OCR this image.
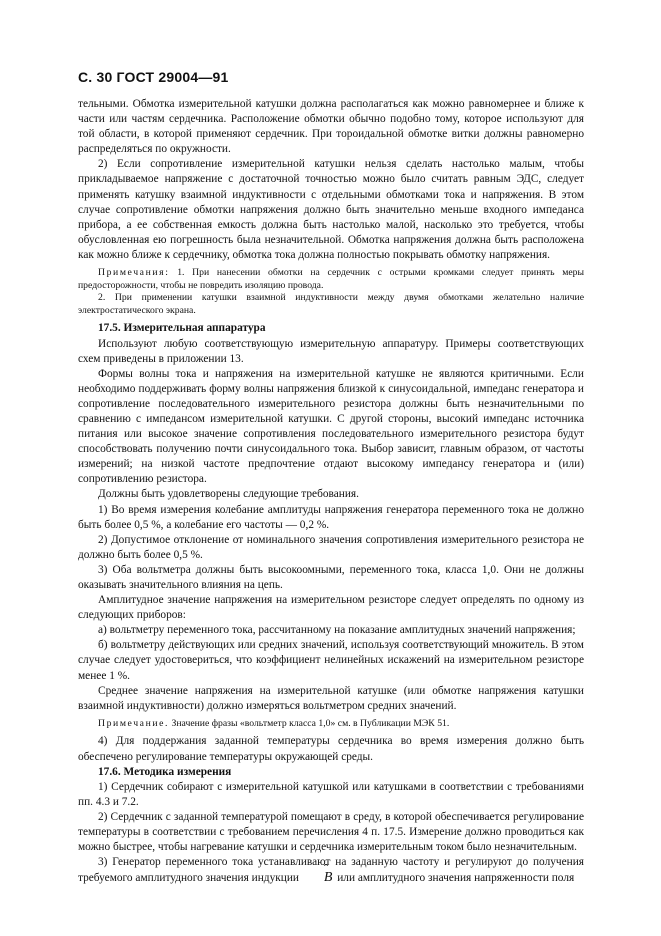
С. 30 ГОСТ 29004—91

тельными. Обмотка измерительной катушки должна располагаться как можно равномернее и ближе к части или частям сердечника. Расположение обмотки обычно подобно тому, которое используют для той области, в которой применяют сердечник. При тороидальной обмотке витки должны равномерно распределяться по окружности.

2) Если сопротивление измерительной катушки нельзя сделать настолько малым, чтобы прикладываемое напряжение с достаточной точностью можно было считать равным ЭДС, следует применять катушку взаимной индуктивности с отдельными обмотками тока и напряжения. В этом случае сопротивление обмотки напряжения должно быть значительно меньше входного импеданса прибора, а ее собственная емкость должна быть настолько малой, насколько это требуется, чтобы обусловленная ею погрешность была незначительной. Обмотка напряжения должна быть расположена как можно ближе к сердечнику, обмотка тока должна полностью покрывать обмотку напряжения.

Примечания: 1. При нанесении обмотки на сердечник с острыми кромками следует принять меры предосторожности, чтобы не повредить изоляцию провода.

2. При применении катушки взаимной индуктивности между двумя обмотками желательно наличие электростатического экрана.

17.5. Измерительная аппаратура

Используют любую соответствующую измерительную аппаратуру. Примеры соответствующих схем приведены в приложении 13.

Формы волны тока и напряжения на измерительной катушке не являются критичными. Если необходимо поддерживать форму волны напряжения близкой к синусоидальной, импеданс генератора и сопротивление последовательного измерительного резистора должны быть незначительными по сравнению с импедансом измерительной катушки. С другой стороны, высокий импеданс источника питания или высокое значение сопротивления последовательного измерительного резистора будут способствовать получению почти синусоидального тока. Выбор зависит, главным образом, от частоты измерений; на низкой частоте предпочтение отдают высокому импедансу генератора и (или) сопротивлению резистора.

Должны быть удовлетворены следующие требования.

1) Во время измерения колебание амплитуды напряжения генератора переменного тока не должно быть более 0,5 %, а колебание его частоты — 0,2 %.

2) Допустимое отклонение от номинального значения сопротивления измерительного резистора не должно быть более 0,5 %.

3) Оба вольтметра должны быть высокоомными, переменного тока, класса 1,0. Они не должны оказывать значительного влияния на цепь.

Амплитудное значение напряжения на измерительном резисторе следует определять по одному из следующих приборов:

а) вольтметру переменного тока, рассчитанному на показание амплитудных значений напряжения;

б) вольтметру действующих или средних значений, используя соответствующий множитель. В этом случае следует удостовериться, что коэффициент нелинейных искажений на измерительном резисторе менее 1 %.

Среднее значение напряжения на измерительной катушке (или обмотке напряжения катушки взаимной индуктивности) должно измеряться вольтметром средних значений.

Примечание. Значение фразы «вольтметр класса 1,0» см. в Публикации МЭК 51.

4) Для поддержания заданной температуры сердечника во время измерения должно быть обеспечено регулирование температуры окружающей среды.

17.6. Методика измерения

1) Сердечник собирают с измерительной катушкой или катушками в соответствии с требованиями пп. 4.3 и 7.2.

2) Сердечник с заданной температурой помещают в среду, в которой обеспечивается регулирование температуры в соответствии с требованием перечисления 4 п. 17.5. Измерение должно проводиться как можно быстрее, чтобы нагревание катушки и сердечника измерительным током было незначительным.

3) Генератор переменного тока устанавливают на заданную частоту и регулируют до получения требуемого амплитудного значения индукции ˆ B или амплитудного значения напряженности поля
